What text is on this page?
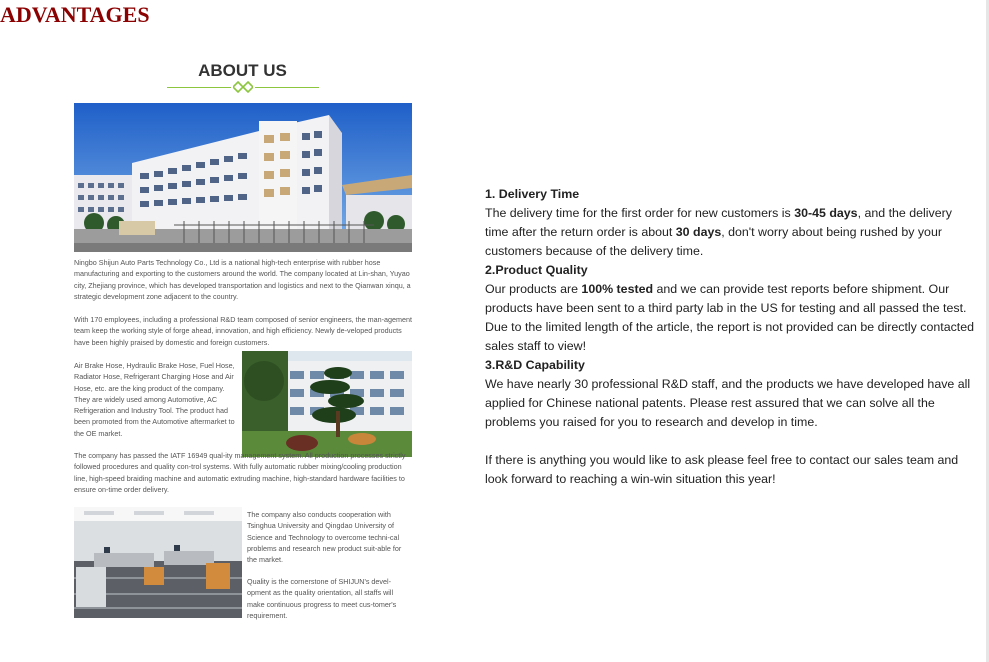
ADVANTAGES
ABOUT US

Ningbo Shijun Auto Parts Technology Co., Ltd is a national high-tech enterprise with rubber hose manufacturing and exporting to the customers around the world. The company located at Lin-shan, Yuyao city, Zhejiang province, which has developed transportation and logistics and next to the Qianwan xinqu, a strategic development zone adjacent to the country.

With 170 employees, including a professional R&D team composed of senior engineers, the man-agement team keep the working style of forge ahead, innovation, and high efficiency. Newly de-veloped products have been highly praised by domestic and foreign customers.

Air Brake Hose, Hydraulic Brake Hose, Fuel Hose, Radiator Hose, Refrigerant Charging Hose and Air Hose, etc. are the king product of the company. They are widely used among Automotive, AC Refrigeration and Industry Tool. The product had been promoted from the Automotive aftermarket to the OE market.

The company has passed the IATF 16949 qual-ity management system. All production processes strictly followed procedures and quality con-trol systems. With fully automatic rubber mixing/cooling production line, high-speed braiding machine and automatic extruding machine, high-standard hardware facilities to ensure on-time order delivery.

The company also conducts cooperation with Tsinghua University and Qingdao University of Science and Technology to overcome techni-cal problems and research new product suit-able for the market.

Quality is the cornerstone of SHIJUN's devel-opment as the quality orientation, all staffs will make continuous progress to meet cus-tomer's requirement.

1. Delivery Time

The delivery time for the first order for new customers is 30-45 days, and the delivery time after the return order is about 30 days, don't worry about being rushed by your customers because of the delivery time.

2.Product Quality

Our products are 100% tested and we can provide test reports before shipment. Our products have been sent to a third party lab in the US for testing and all passed the test. Due to the limited length of the article, the report is not provided can be directly contacted sales staff to view!

3.R&D Capability

We have nearly 30 professional R&D staff, and the products we have developed have all applied for Chinese national patents. Please rest assured that we can solve all the problems you raised for you to research and develop in time.

If there is anything you would like to ask please feel free to contact our sales team and look forward to reaching a win-win situation this year!
